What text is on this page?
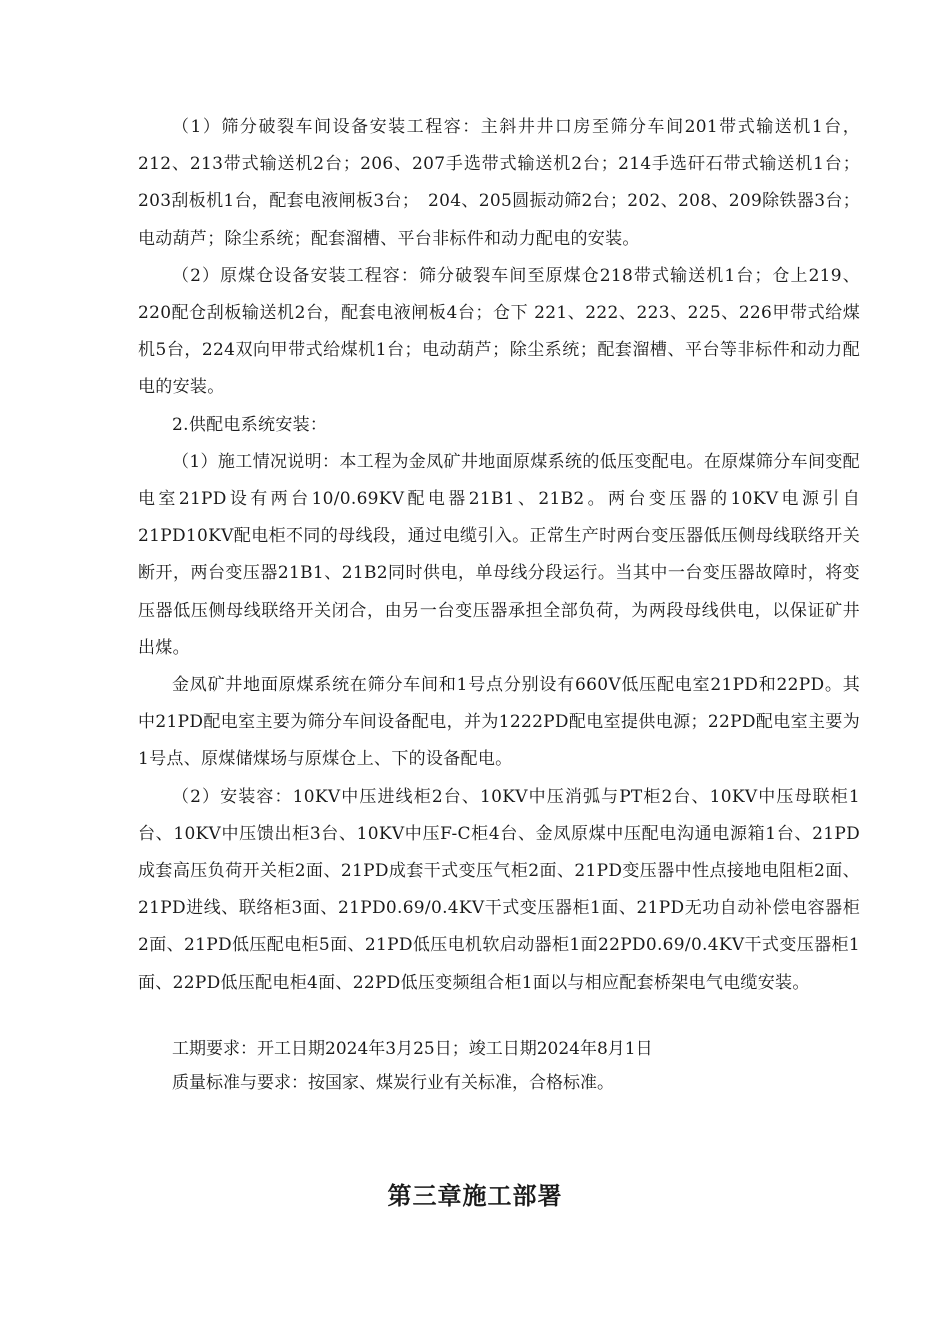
（1）筛分破裂车间设备安装工程容：主斜井井口房至筛分车间201带式输送机1台，212、213带式输送机2台；206、207手选带式输送机2台；214手选矸石带式输送机1台；203刮板机1台，配套电液闸板3台；　204、205圆振动筛2台；202、208、209除铁器3台；电动葫芦；除尘系统；配套溜槽、平台非标件和动力配电的安装。

（2）原煤仓设备安装工程容：筛分破裂车间至原煤仓218带式输送机1台；仓上219、220配仓刮板输送机2台，配套电液闸板4台；仓下 221、222、223、225、226甲带式给煤机5台，224双向甲带式给煤机1台；电动葫芦；除尘系统；配套溜槽、平台等非标件和动力配电的安装。

2.供配电系统安装：

（1）施工情况说明：本工程为金凤矿井地面原煤系统的低压变配电。在原煤筛分车间变配电室21PD设有两台10/0.69KV配电器21B1、21B2。两台变压器的10KV电源引自21PD10KV配电柜不同的母线段，通过电缆引入。正常生产时两台变压器低压侧母线联络开关断开，两台变压器21B1、21B2同时供电，单母线分段运行。当其中一台变压器故障时，将变压器低压侧母线联络开关闭合，由另一台变压器承担全部负荷，为两段母线供电，以保证矿井出煤。

金凤矿井地面原煤系统在筛分车间和1号点分别设有660V低压配电室21PD和22PD。其中21PD配电室主要为筛分车间设备配电，并为1222PD配电室提供电源；22PD配电室主要为1号点、原煤储煤场与原煤仓上、下的设备配电。

（2）安装容：10KV中压进线柜2台、10KV中压消弧与PT柜2台、10KV中压母联柜1台、10KV中压馈出柜3台、10KV中压F-C柜4台、金凤原煤中压配电沟通电源箱1台、21PD成套高压负荷开关柜2面、21PD成套干式变压气柜2面、21PD变压器中性点接地电阻柜2面、21PD进线、联络柜3面、21PD0.69/0.4KV干式变压器柜1面、21PD无功自动补偿电容器柜2面、21PD低压配电柜5面、21PD低压电机软启动器柜1面22PD0.69/0.4KV干式变压器柜1面、22PD低压配电柜4面、22PD低压变频组合柜1面以与相应配套桥架电气电缆安装。

工期要求：开工日期2024年3月25日；竣工日期2024年8月1日

质量标准与要求：按国家、煤炭行业有关标准，合格标准。

第三章施工部署
